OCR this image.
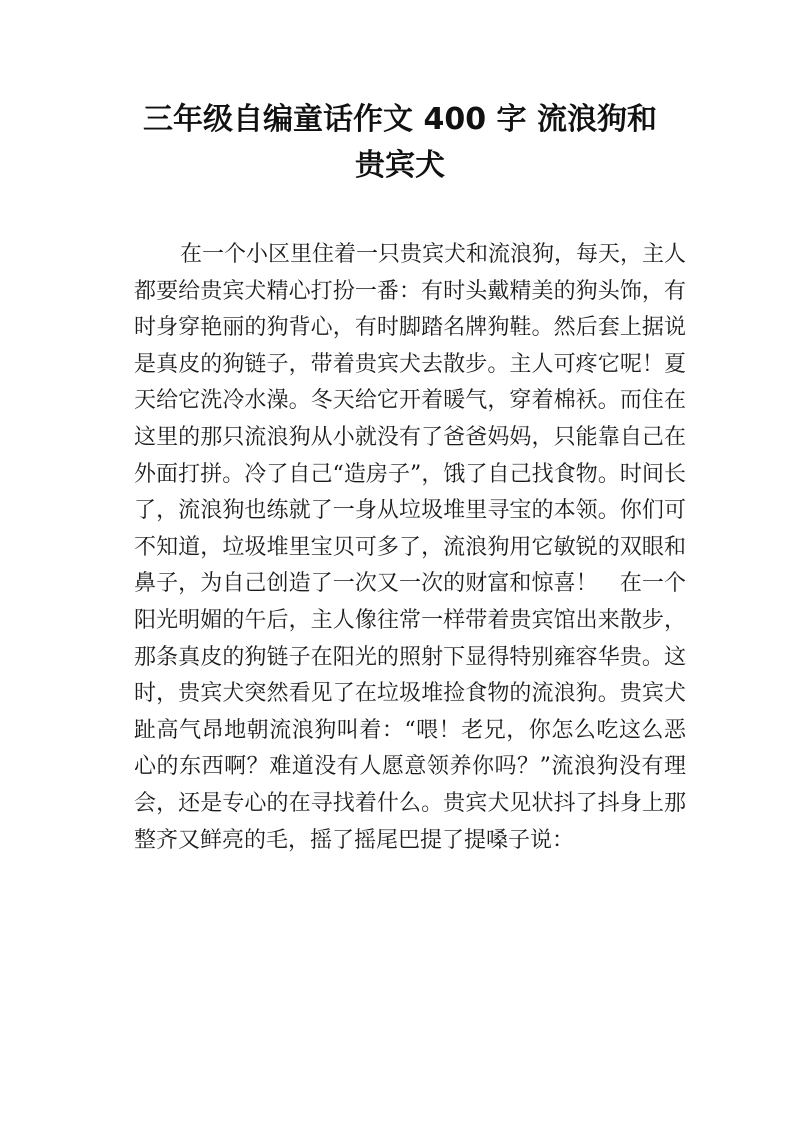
三年级自编童话作文 400 字 流浪狗和
贵宾犬

在一个小区里住着一只贵宾犬和流浪狗，每天，主人都要给贵宾犬精心打扮一番：有时头戴精美的狗头饰，有时身穿艳丽的狗背心，有时脚踏名牌狗鞋。然后套上据说是真皮的狗链子，带着贵宾犬去散步。主人可疼它呢！夏天给它洗冷水澡。冬天给它开着暖气，穿着棉袄。而住在这里的那只流浪狗从小就没有了爸爸妈妈，只能靠自己在外面打拼。冷了自己“造房子”，饿了自己找食物。时间长了，流浪狗也练就了一身从垃圾堆里寻宝的本领。你们可不知道，垃圾堆里宝贝可多了，流浪狗用它敏锐的双眼和鼻子，为自己创造了一次又一次的财富和惊喜！　在一个阳光明媚的午后，主人像往常一样带着贵宾馆出来散步，那条真皮的狗链子在阳光的照射下显得特别雍容华贵。这时，贵宾犬突然看见了在垃圾堆捡食物的流浪狗。贵宾犬趾高气昂地朝流浪狗叫着：“喂！老兄，你怎么吃这么恶心的东西啊？难道没有人愿意领养你吗？”流浪狗没有理会，还是专心的在寻找着什么。贵宾犬见状抖了抖身上那整齐又鲜亮的毛，摇了摇尾巴提了提嗓子说：
